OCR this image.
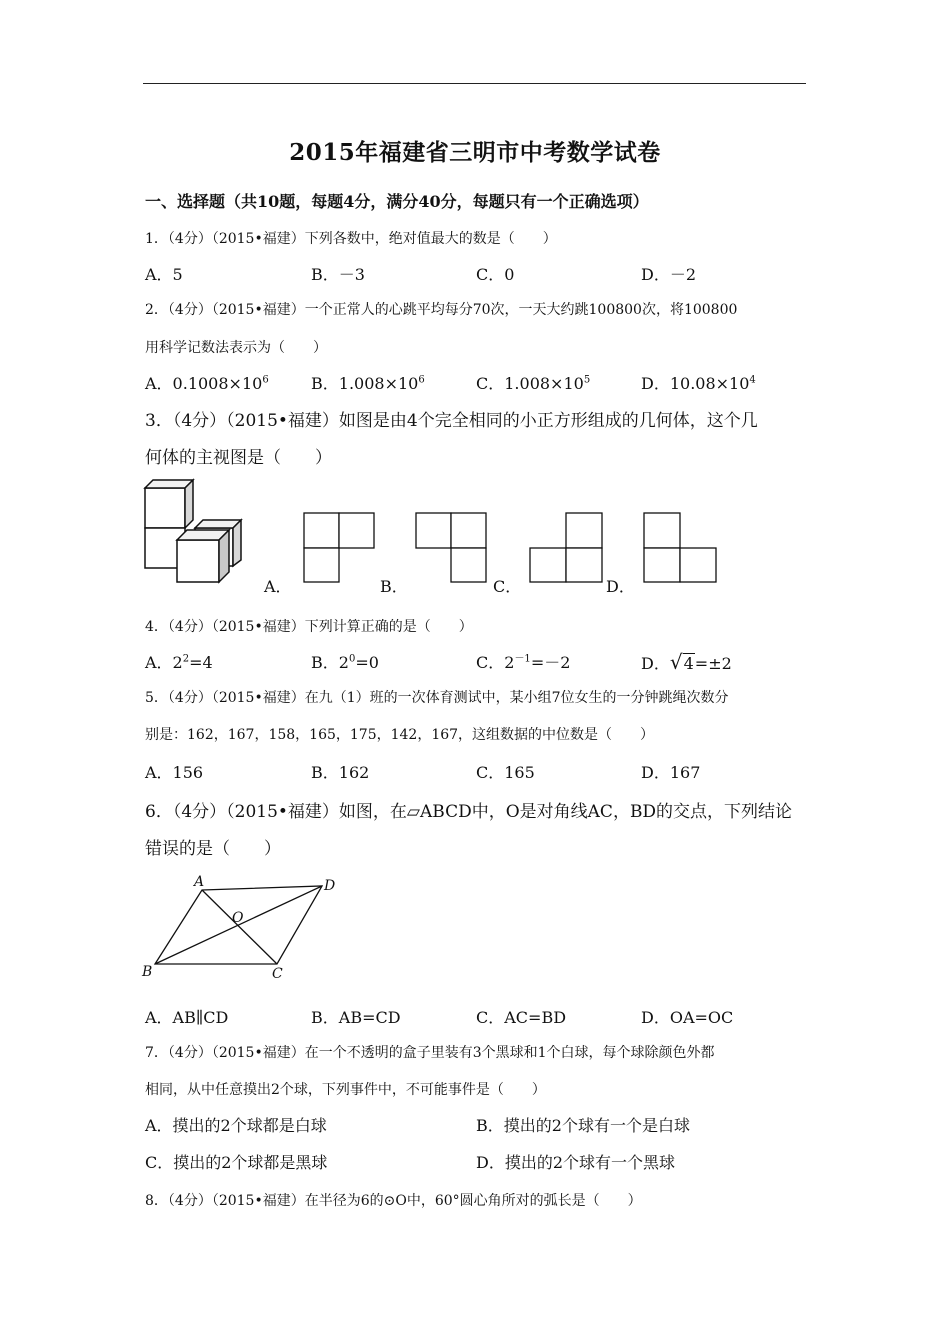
2015年福建省三明市中考数学试卷
一、选择题（共10题，每题4分，满分40分，每题只有一个正确选项）
1．（4分）（2015•福建）下列各数中，绝对值最大的数是（　　）
A．5	B．－3	C．0	D．－2
2．（4分）（2015•福建）一个正常人的心跳平均每分70次，一天大约跳100800次，将100800
用科学记数法表示为（　　）
A．$0.1008\times 10^6$	B．$1.008\times 10^6$	C．$1.008\times 10^5$	D．$10.08\times 10^4$
3．（4分）（2015•福建）如图是由4个完全相同的小正方形组成的几何体，这个几
何体的主视图是（　　）
A．	B．	C．	D．
4．（4分）（2015•福建）下列计算正确的是（　　）
A．$2^2=4$	B．$2^0=0$	C．$2^{-1}=-2$	D．√4=±2
5．（4分）（2015•福建）在九（1）班的一次体育测试中，某小组7位女生的一分钟跳绳次数分
别是：162，167，158，165，175，142，167，这组数据的中位数是（　　）
A．156	B．162	C．165	D．167
6．（4分）（2015•福建）如图，在▱ABCD中，O是对角线AC，BD的交点，下列结论
错误的是（　　）
A	D
O
B	C
A．AB∥CD	B．AB=CD	C．AC=BD	D．OA=OC
7．（4分）（2015•福建）在一个不透明的盒子里装有3个黑球和1个白球，每个球除颜色外都
相同，从中任意摸出2个球，下列事件中，不可能事件是（　　）
A．摸出的2个球都是白球	B．摸出的2个球有一个是白球
C．摸出的2个球都是黑球	D．摸出的2个球有一个黑球
8．（4分）（2015•福建）在半径为6的⊙O中，60°圆心角所对的弧长是（　　）
